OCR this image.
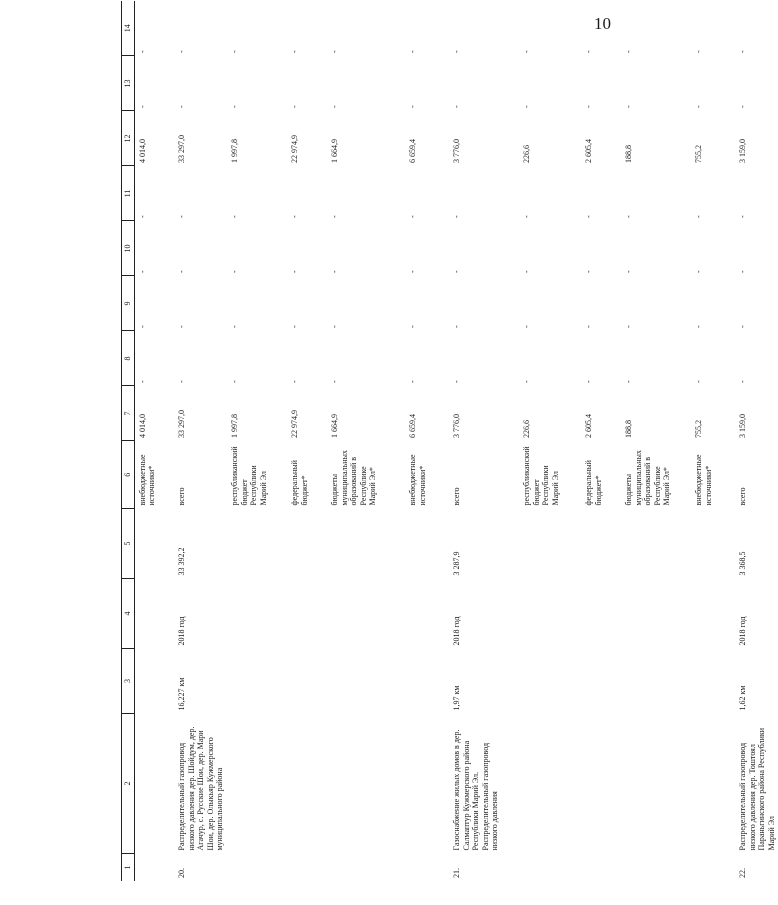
10
1	2	3	4	5	6	7	8	9	10	11	12	13	14
					внебюджетные источники*	4 014,0	-	-	-	-	4 014,0	-	-
20.	Распределительный газопровод низкого давления дер. Шойдум, дер. Агачур, с. Русские Шои, дер. Мари Шои, дер. Олыкьяр Кужмерского муниципального района	16,227 км	2018 год	33 392,2	всего	33 297,0	-	-	-	-	33 297,0	-	-
					республиканский бюджет Республики Марий Эл	1 997,8	-	-	-	-	1 997,8	-	-
					федеральный бюджет*	22 974,9	-	-	-	-	22 974,9	-	-
					бюджеты муниципальных образований в Республике Марий Эл*	1 664,9	-	-	-	-	1 664,9	-	-
					внебюджетные источники*	6 659,4	-	-	-	-	6 659,4	-	-
21.	Газоснабжение жилых домов в дер. Салмаптур Кужмерского района Республики Марий Эл. Распределительный газопровод низкого давления	1,97 км	2018 год	3 287,9	всего	3 776,0	-	-	-	-	3 776,0	-	-
					республиканский бюджет Республики Марий Эл	226,6	-	-	-	-	226,6	-	-
					федеральный бюджет*	2 605,4	-	-	-	-	2 605,4	-	-
					бюджеты муниципальных образований в Республике Марий Эл*	188,8	-	-	-	-	188,8	-	-
					внебюджетные источники*	755,2	-	-	-	-	755,2	-	-
22.	Распределительный газопровод низкого давления дер. Тоштоял Параньгинского района Республики Марий Эл	1,62 км	2018 год	3 368,5	всего	3 159,0	-	-	-	-	3 159,0	-	-
